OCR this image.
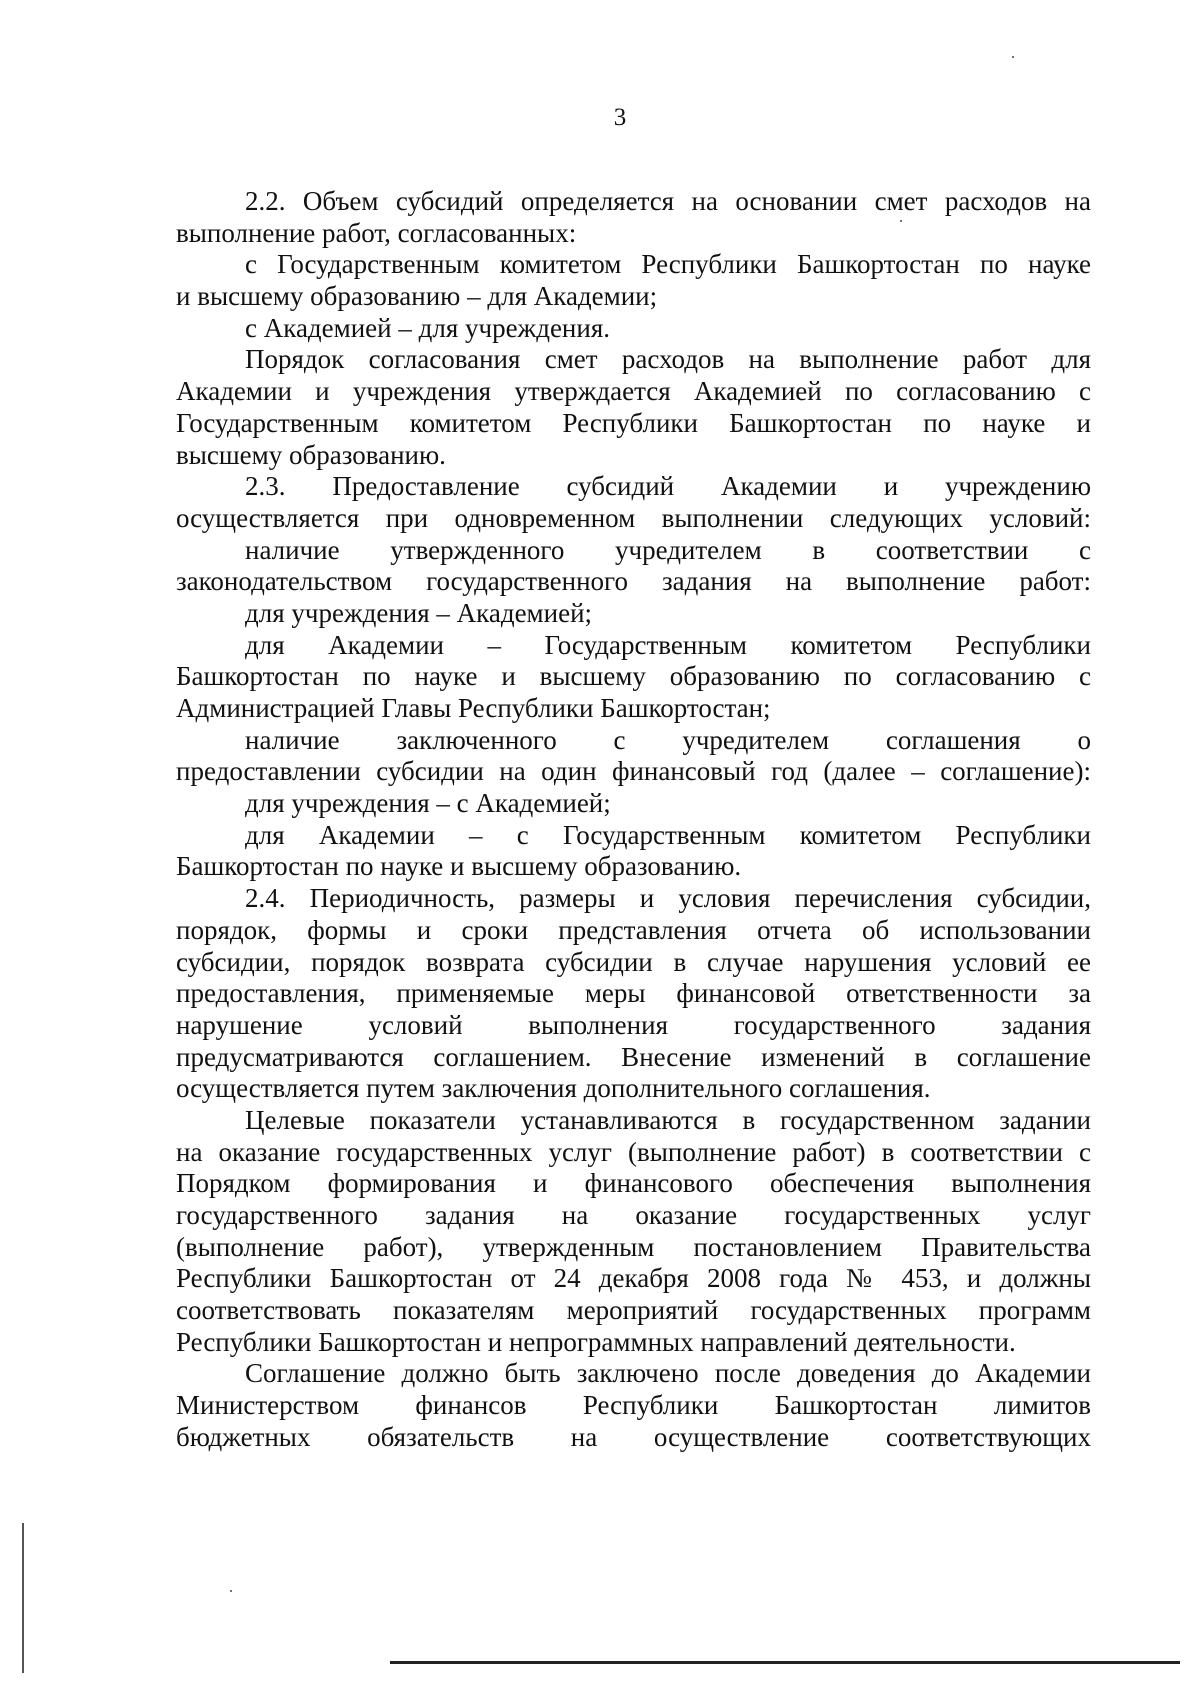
3
2.2. Объем субсидий определяется на основании смет расходов на
выполнение работ, согласованных:
с Государственным комитетом Республики Башкортостан по науке
и высшему образованию – для Академии;
с Академией – для учреждения.
Порядок согласования смет расходов на выполнение работ для
Академии и учреждения утверждается Академией по согласованию с
Государственным комитетом Республики Башкортостан по науке и
высшему образованию.
2.3. Предоставление субсидий Академии и учреждению
осуществляется при одновременном выполнении следующих условий:
наличие утвержденного учредителем в соответствии с
законодательством государственного задания на выполнение работ:
для учреждения – Академией;
для Академии – Государственным комитетом Республики
Башкортостан по науке и высшему образованию по согласованию с
Администрацией Главы Республики Башкортостан;
наличие заключенного с учредителем соглашения о
предоставлении субсидии на один финансовый год (далее – соглашение):
для учреждения – с Академией;
для Академии – с Государственным комитетом Республики
Башкортостан по науке и высшему образованию.
2.4. Периодичность, размеры и условия перечисления субсидии,
порядок, формы и сроки представления отчета об использовании
субсидии, порядок возврата субсидии в случае нарушения условий ее
предоставления, применяемые меры финансовой ответственности за
нарушение условий выполнения государственного задания
предусматриваются соглашением. Внесение изменений в соглашение
осуществляется путем заключения дополнительного соглашения.
Целевые показатели устанавливаются в государственном задании
на оказание государственных услуг (выполнение работ) в соответствии с
Порядком формирования и финансового обеспечения выполнения
государственного задания на оказание государственных услуг
(выполнение работ), утвержденным постановлением Правительства
Республики Башкортостан от 24 декабря 2008 года № 453, и должны
соответствовать показателям мероприятий государственных программ
Республики Башкортостан и непрограммных направлений деятельности.
Соглашение должно быть заключено после доведения до Академии
Министерством финансов Республики Башкортостан лимитов
бюджетных обязательств на осуществление соответствующих
